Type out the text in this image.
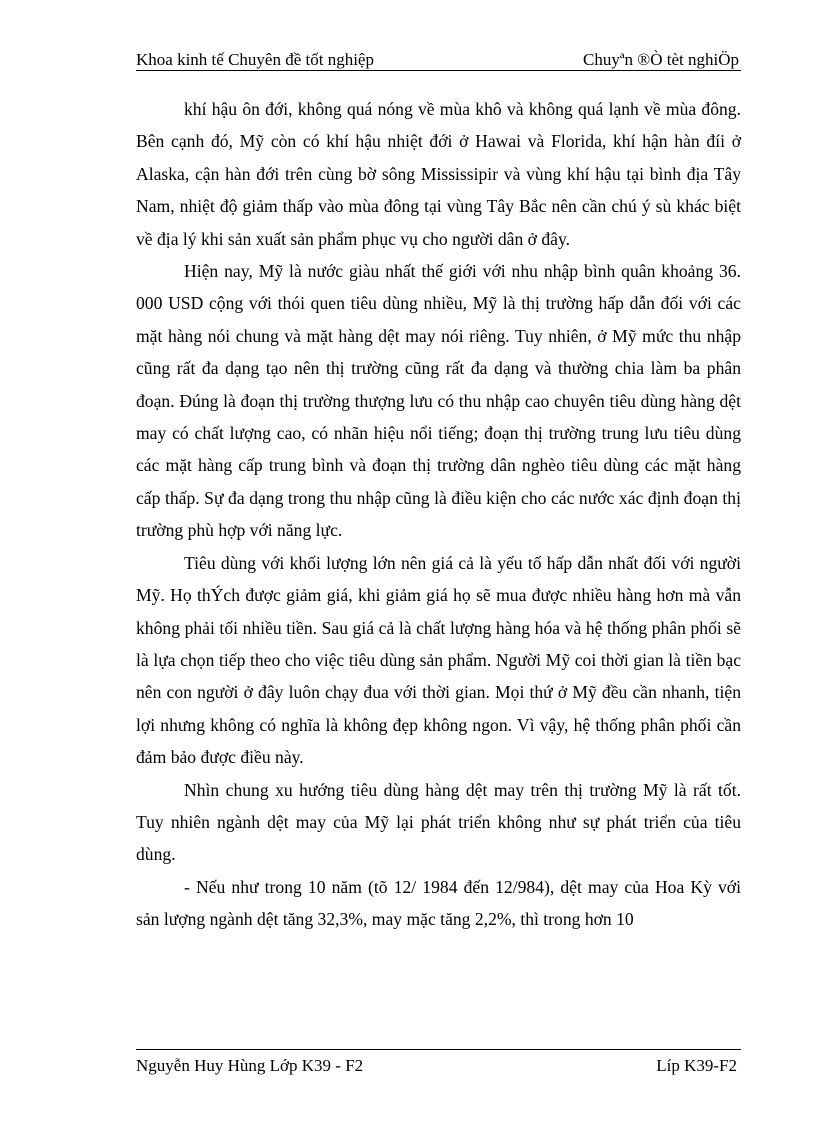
Khoa kinh tế Chuyên đề tốt nghiệp	Chuyªn ®Ò tèt nghiÖp

khí hậu ôn đới, không quá nóng về mùa khô và không quá lạnh về mùa đông. Bên cạnh đó, Mỹ còn có khí hậu nhiệt đới ở Hawai và Florida, khí hận hàn đíi ở Alaska, cận hàn đới trên cùng bờ sông Mississipir và vùng khí hậu tại bình địa Tây Nam, nhiệt độ giảm thấp vào mùa đông tại vùng Tây Bắc nên cần chú ý sù khác biệt về địa lý khi sản xuất sản phẩm phục vụ cho người dân ở đây.

Hiện nay, Mỹ là nước giàu nhất thế giới với nhu nhập bình quân khoảng 36. 000 USD cộng với thói quen tiêu dùng nhiều, Mỹ là thị trường hấp dẫn đối với các mặt hàng nói chung và mặt hàng dệt may nói riêng. Tuy nhiên, ở Mỹ mức thu nhập cũng rất đa dạng tạo nên thị trường cũng rất đa dạng và thường chia làm ba phân đoạn. Đúng là đoạn thị trường thượng lưu có thu nhập cao chuyên tiêu dùng hàng dệt may có chất lượng cao, có nhãn hiệu nổi tiếng; đoạn thị trường trung lưu tiêu dùng các mặt hàng cấp trung bình và đoạn thị trường dân nghèo tiêu dùng các mặt hàng cấp thấp. Sự đa dạng trong thu nhập cũng là điều kiện cho các nước xác định đoạn thị trường phù hợp với năng lực.

Tiêu dùng với khối lượng lớn nên giá cả là yếu tố hấp dẫn nhất đối với người Mỹ. Họ thÝch được giảm giá, khi giảm giá họ sẽ mua được nhiều hàng hơn mà vẫn không phải tối nhiều tiền. Sau giá cả là chất lượng hàng hóa và hệ thống phân phối sẽ là lựa chọn tiếp theo cho việc tiêu dùng sản phẩm. Người Mỹ coi thời gian là tiền bạc nên con người ở đây luôn chạy đua với thời gian. Mọi thứ ở Mỹ đều cần nhanh, tiện lợi nhưng không có nghĩa là không đẹp không ngon. Vì vậy, hệ thống phân phối cần đảm bảo được điều này.

Nhìn chung xu hướng tiêu dùng hàng dệt may trên thị trường Mỹ là rất tốt. Tuy nhiên ngành dệt may của Mỹ lại phát triển không như sự phát triển của tiêu dùng.

- Nếu như trong 10 năm (tõ 12/ 1984 đến 12/984), dệt may của Hoa Kỳ với sản lượng ngành dệt tăng 32,3%, may mặc tăng 2,2%, thì trong hơn 10

Nguyễn Huy Hùng Lớp K39 - F2	Líp K39-F2
